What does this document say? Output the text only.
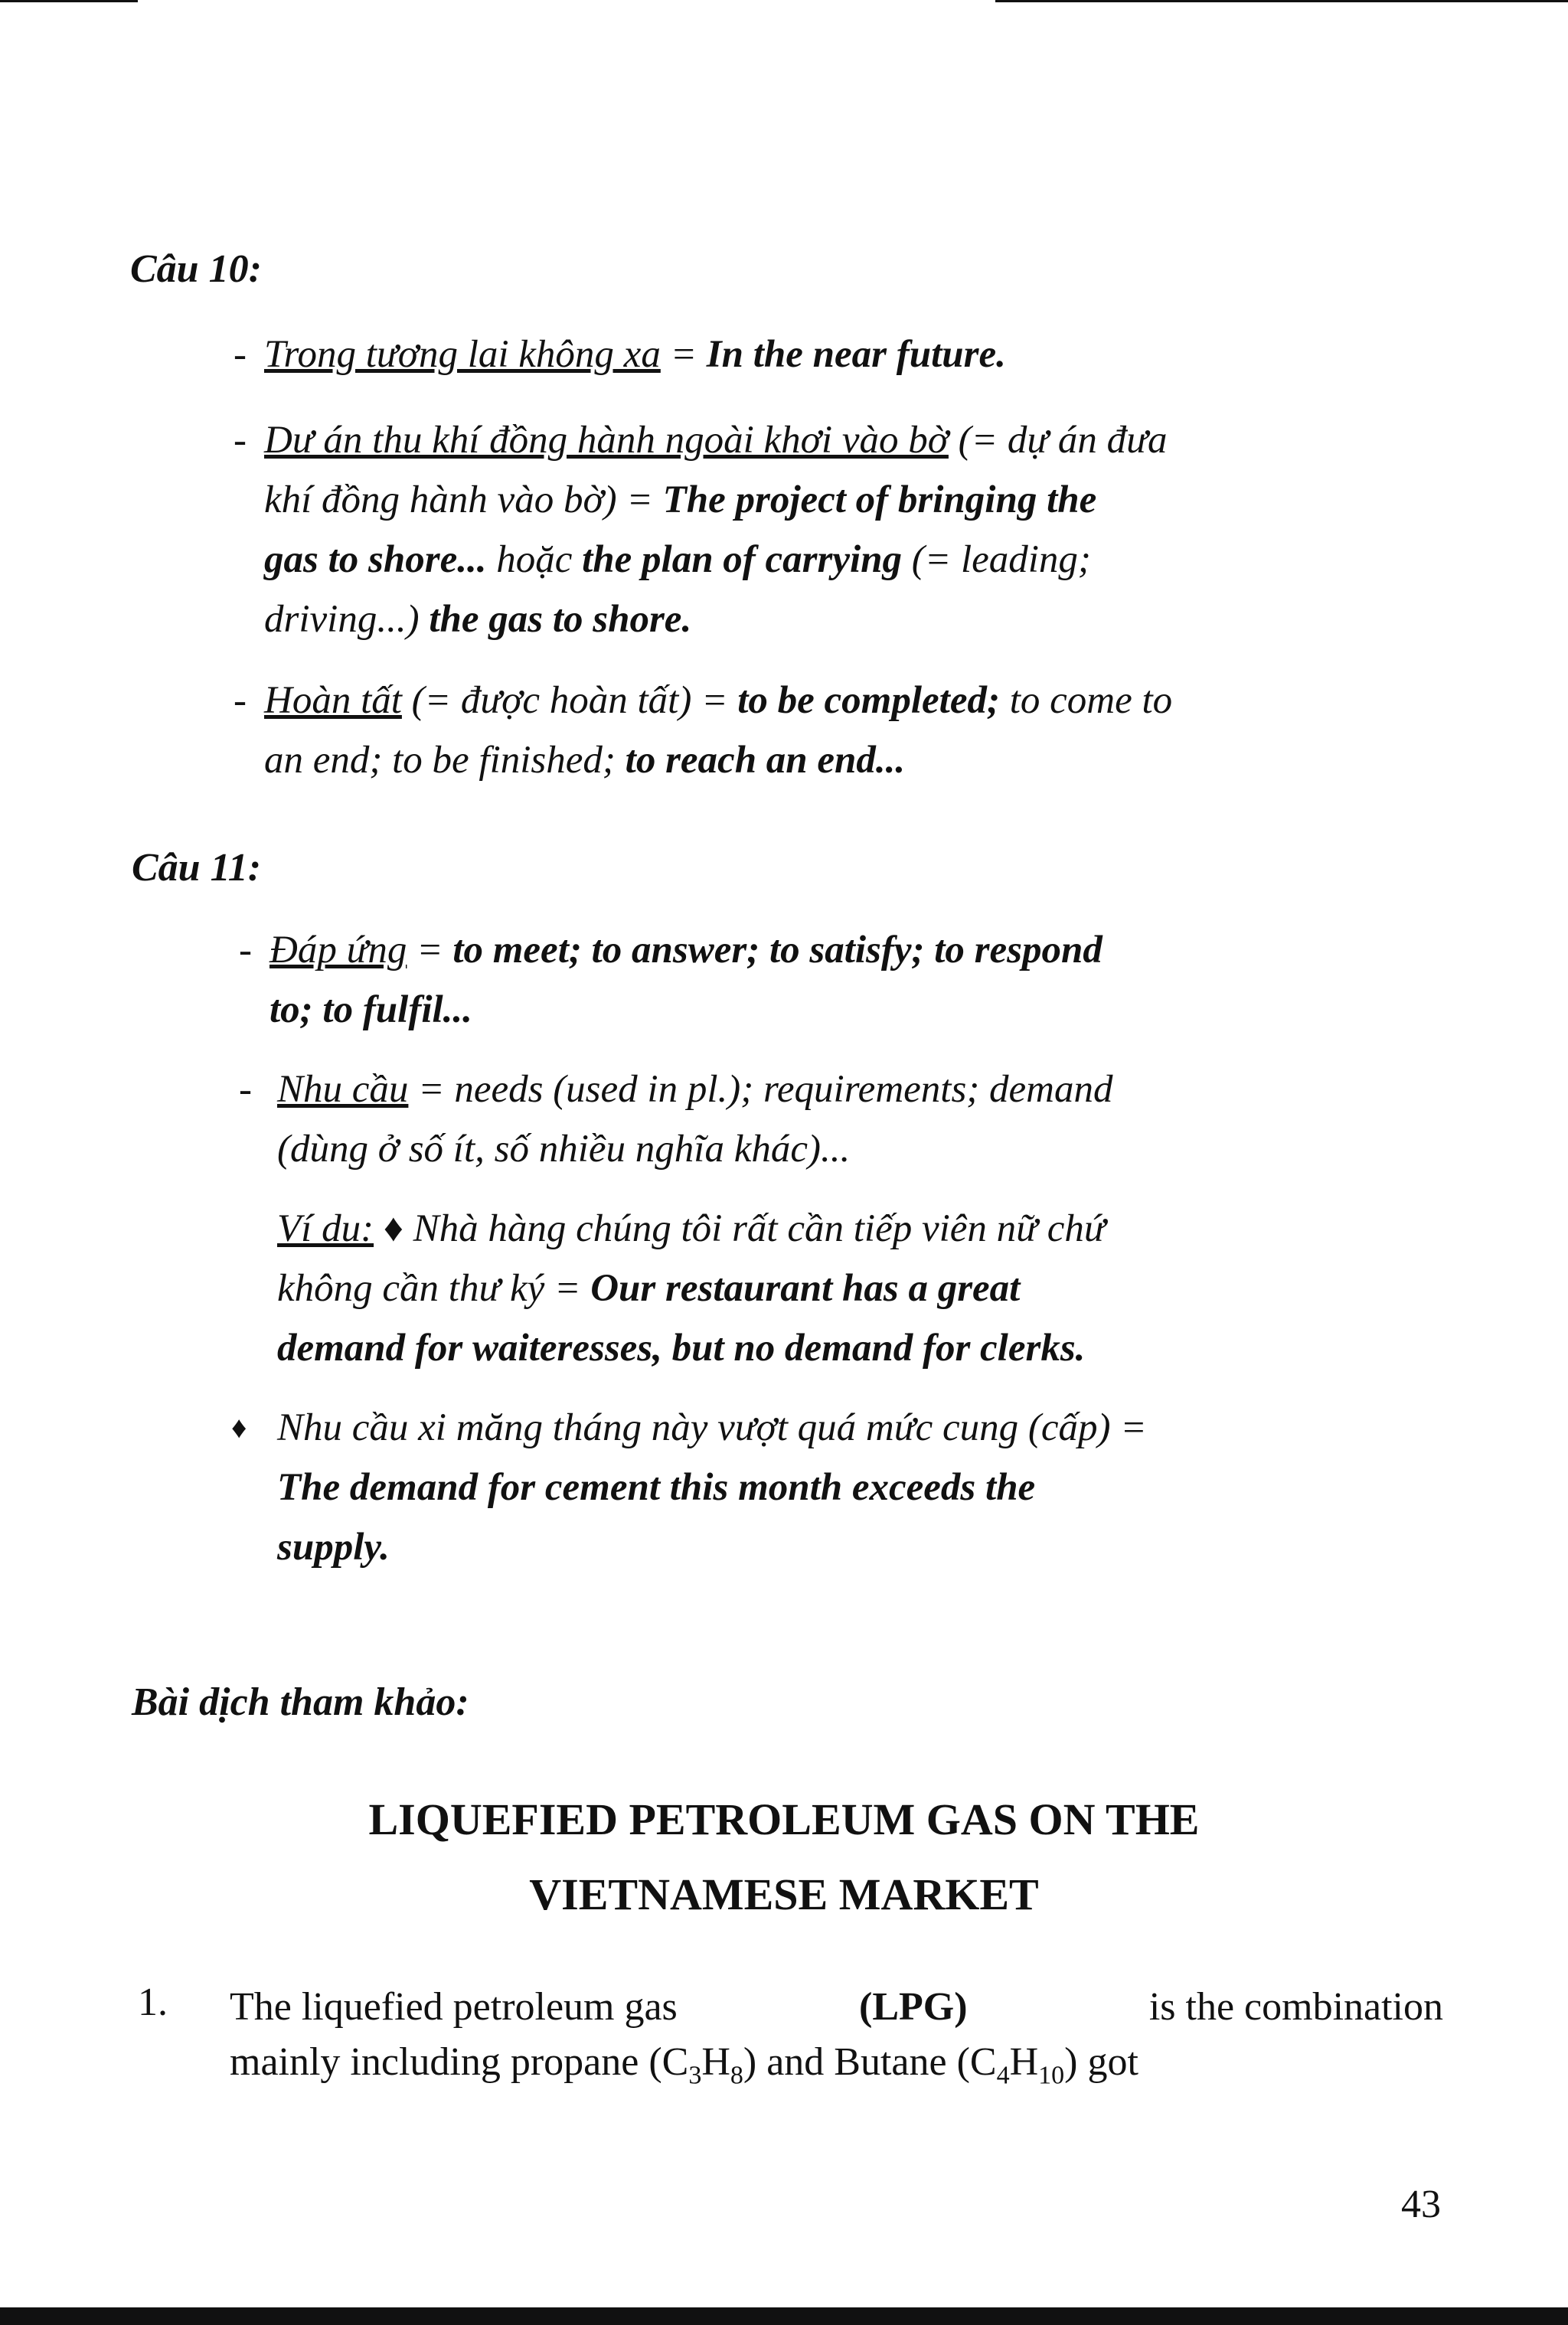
Câu 10:
- Trong tương lai không xa = In the near future.
- Dư án thu khí đồng hành ngoài khơi vào bờ (= dự án đưa
khí đồng hành vào bờ) = The project of bringing the
gas to shore... hoặc the plan of carrying (= leading;
driving...) the gas to shore.
- Hoàn tất (= được hoàn tất) = to be completed; to come to
an end; to be finished; to reach an end...
Câu 11:
- Đáp ứng = to meet; to answer; to satisfy; to respond
to; to fulfil...
- Nhu cầu = needs (used in pl.); requirements; demand
(dùng ở số ít, số nhiều nghĩa khác)...
Ví du: ♦ Nhà hàng chúng tôi rất cần tiếp viên nữ chứ
không cần thư ký = Our restaurant has a great
demand for waiteresses, but no demand for clerks.
♦ Nhu cầu xi măng tháng này vượt quá mức cung (cấp) =
The demand for cement this month exceeds the
supply.
Bài dịch tham khảo:
LIQUEFIED PETROLEUM GAS ON THE
VIETNAMESE MARKET
1. The liquefied petroleum gas	(LPG)	is the combination
mainly including propane $(C_3H_8)$ and Butane $(C_4H_{10})$ got
43
